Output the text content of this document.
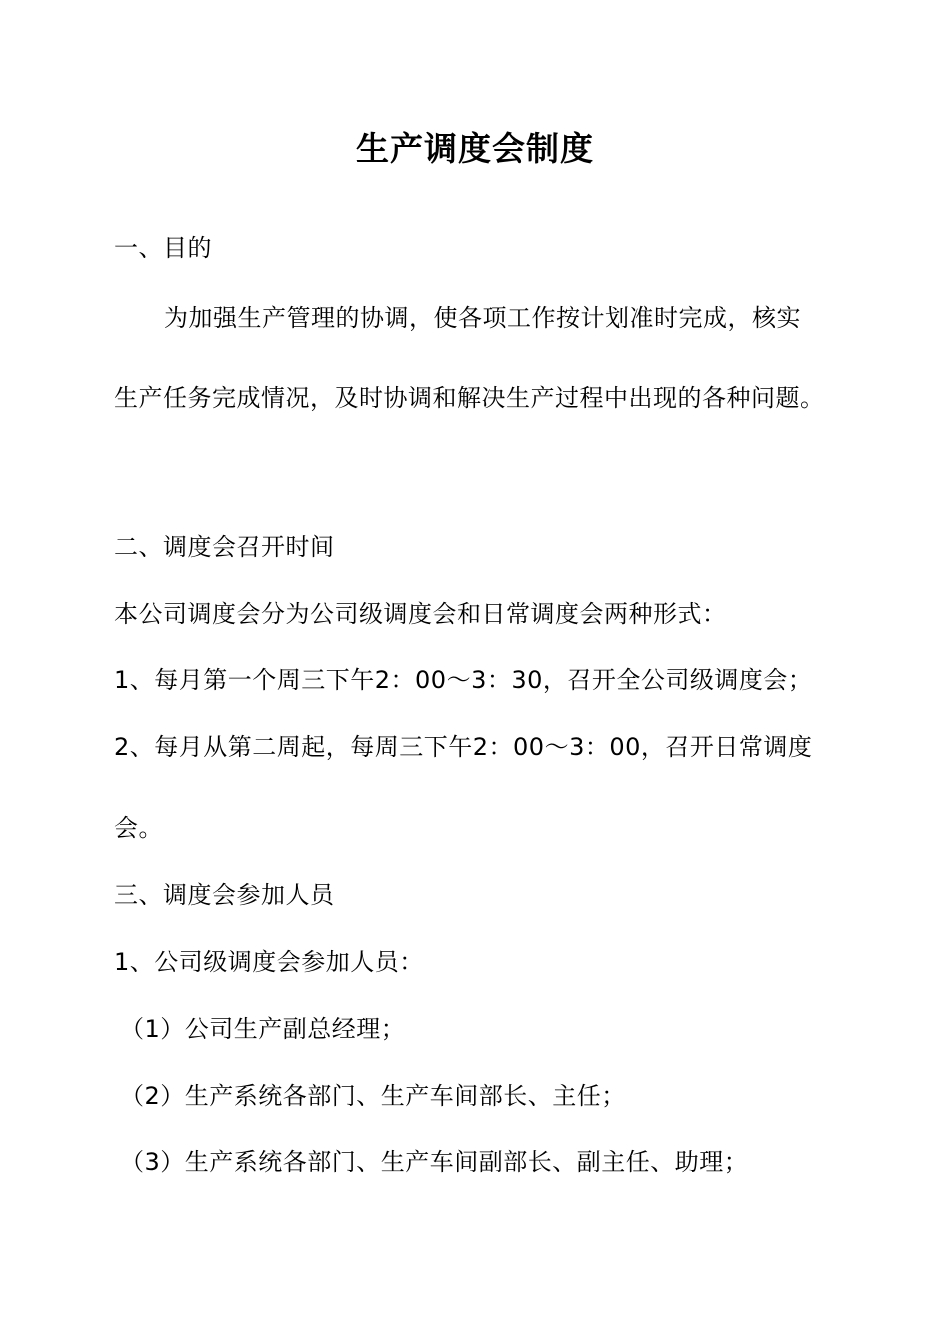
生产调度会制度
一、目的
为加强生产管理的协调，使各项工作按计划准时完成，核实
生产任务完成情况，及时协调和解决生产过程中出现的各种问题。
二、调度会召开时间
本公司调度会分为公司级调度会和日常调度会两种形式：
1、每月第一个周三下午2：00～3：30，召开全公司级调度会；
2、每月从第二周起，每周三下午2：00～3：00，召开日常调度
会。
三、调度会参加人员
1、公司级调度会参加人员：
（1）公司生产副总经理；
（2）生产系统各部门、生产车间部长、主任；
（3）生产系统各部门、生产车间副部长、副主任、助理；
